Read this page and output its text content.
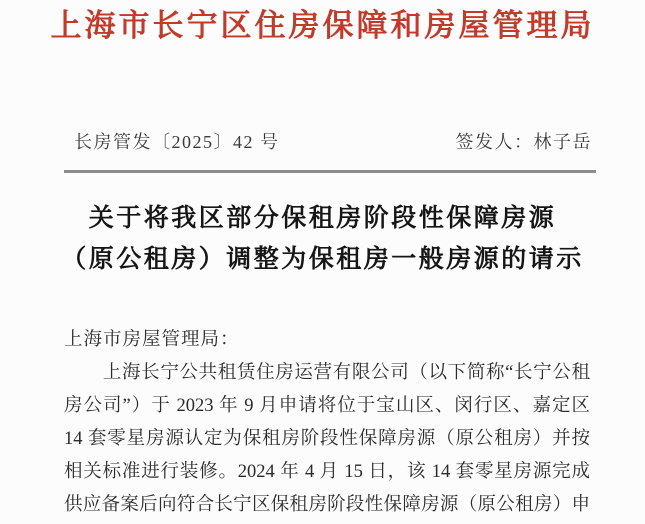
上海市长宁区住房保障和房屋管理局
长房管发〔2025〕42 号	签发人：林子岳
关于将我区部分保租房阶段性保障房源
（原公租房）调整为保租房一般房源的请示
上海市房屋管理局：
上海长宁公共租赁住房运营有限公司（以下简称“长宁公租
房公司”）于 2023 年 9 月申请将位于宝山区、闵行区、嘉定区
14 套零星房源认定为保租房阶段性保障房源（原公租房）并按
相关标准进行装修。2024 年 4 月 15 日，该 14 套零星房源完成
供应备案后向符合长宁区保租房阶段性保障房源（原公租房）申
